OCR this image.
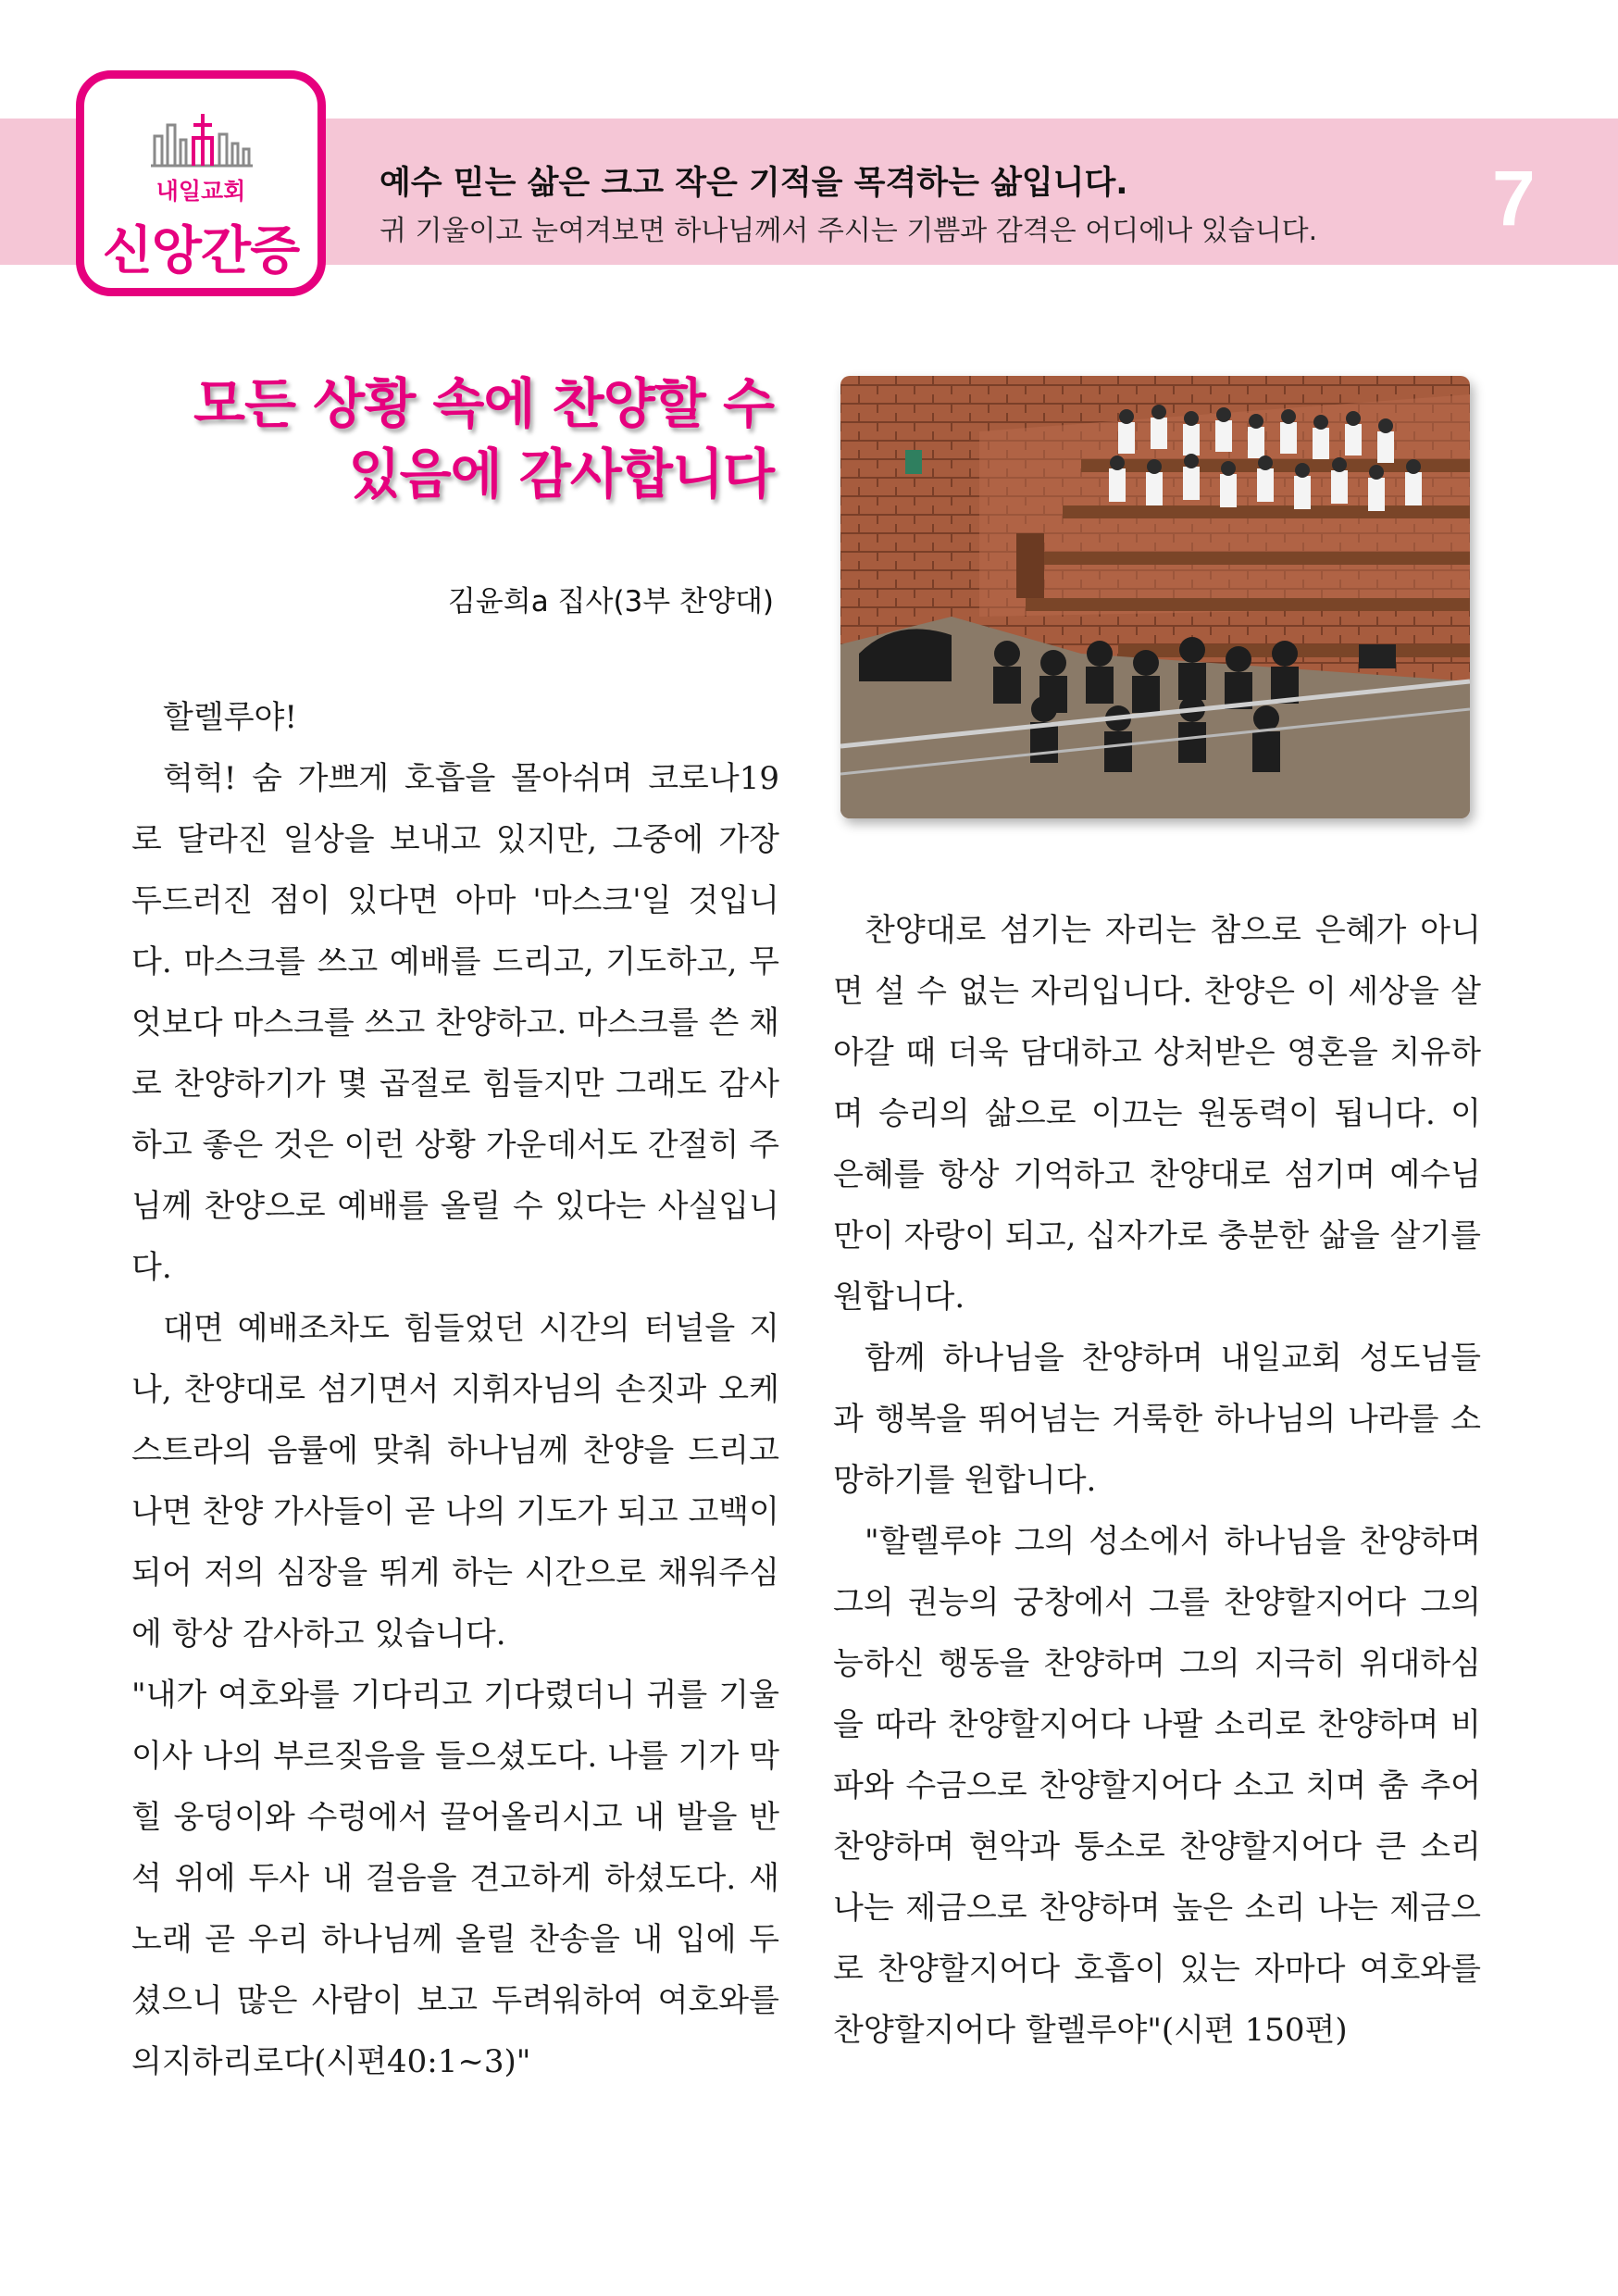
내일교회
신앙간증
예수 믿는 삶은 크고 작은 기적을 목격하는 삶입니다.
귀 기울이고 눈여겨보면 하나님께서 주시는 기쁨과 감격은 어디에나 있습니다. 7
모든 상황 속에 찬양할 수
있음에 감사합니다
김윤희a 집사(3부 찬양대)

할렐루야!

헉헉! 숨 가쁘게 호흡을 몰아쉬며 코로나19로 달라진 일상을 보내고 있지만, 그중에 가장 두드러진 점이 있다면 아마 '마스크'일 것입니다. 마스크를 쓰고 예배를 드리고, 기도하고, 무엇보다 마스크를 쓰고 찬양하고. 마스크를 쓴 채로 찬양하기가 몇 곱절로 힘들지만 그래도 감사하고 좋은 것은 이런 상황 가운데서도 간절히 주님께 찬양으로 예배를 올릴 수 있다는 사실입니다.

대면 예배조차도 힘들었던 시간의 터널을 지나, 찬양대로 섬기면서 지휘자님의 손짓과 오케스트라의 음률에 맞춰 하나님께 찬양을 드리고 나면 찬양 가사들이 곧 나의 기도가 되고 고백이 되어 저의 심장을 뛰게 하는 시간으로 채워주심에 항상 감사하고 있습니다.

"내가 여호와를 기다리고 기다렸더니 귀를 기울이사 나의 부르짖음을 들으셨도다. 나를 기가 막힐 웅덩이와 수렁에서 끌어올리시고 내 발을 반석 위에 두사 내 걸음을 견고하게 하셨도다. 새 노래 곧 우리 하나님께 올릴 찬송을 내 입에 두셨으니 많은 사람이 보고 두려워하여 여호와를 의지하리로다(시편40:1~3)"

찬양대로 섬기는 자리는 참으로 은혜가 아니면 설 수 없는 자리입니다. 찬양은 이 세상을 살아갈 때 더욱 담대하고 상처받은 영혼을 치유하며 승리의 삶으로 이끄는 원동력이 됩니다. 이 은혜를 항상 기억하고 찬양대로 섬기며 예수님만이 자랑이 되고, 십자가로 충분한 삶을 살기를 원합니다.

함께 하나님을 찬양하며 내일교회 성도님들과 행복을 뛰어넘는 거룩한 하나님의 나라를 소망하기를 원합니다.

"할렐루야 그의 성소에서 하나님을 찬양하며 그의 권능의 궁창에서 그를 찬양할지어다 그의 능하신 행동을 찬양하며 그의 지극히 위대하심을 따라 찬양할지어다 나팔 소리로 찬양하며 비파와 수금으로 찬양할지어다 소고 치며 춤 추어 찬양하며 현악과 퉁소로 찬양할지어다 큰 소리 나는 제금으로 찬양하며 높은 소리 나는 제금으로 찬양할지어다 호흡이 있는 자마다 여호와를 찬양할지어다 할렐루야"(시편 150편)
